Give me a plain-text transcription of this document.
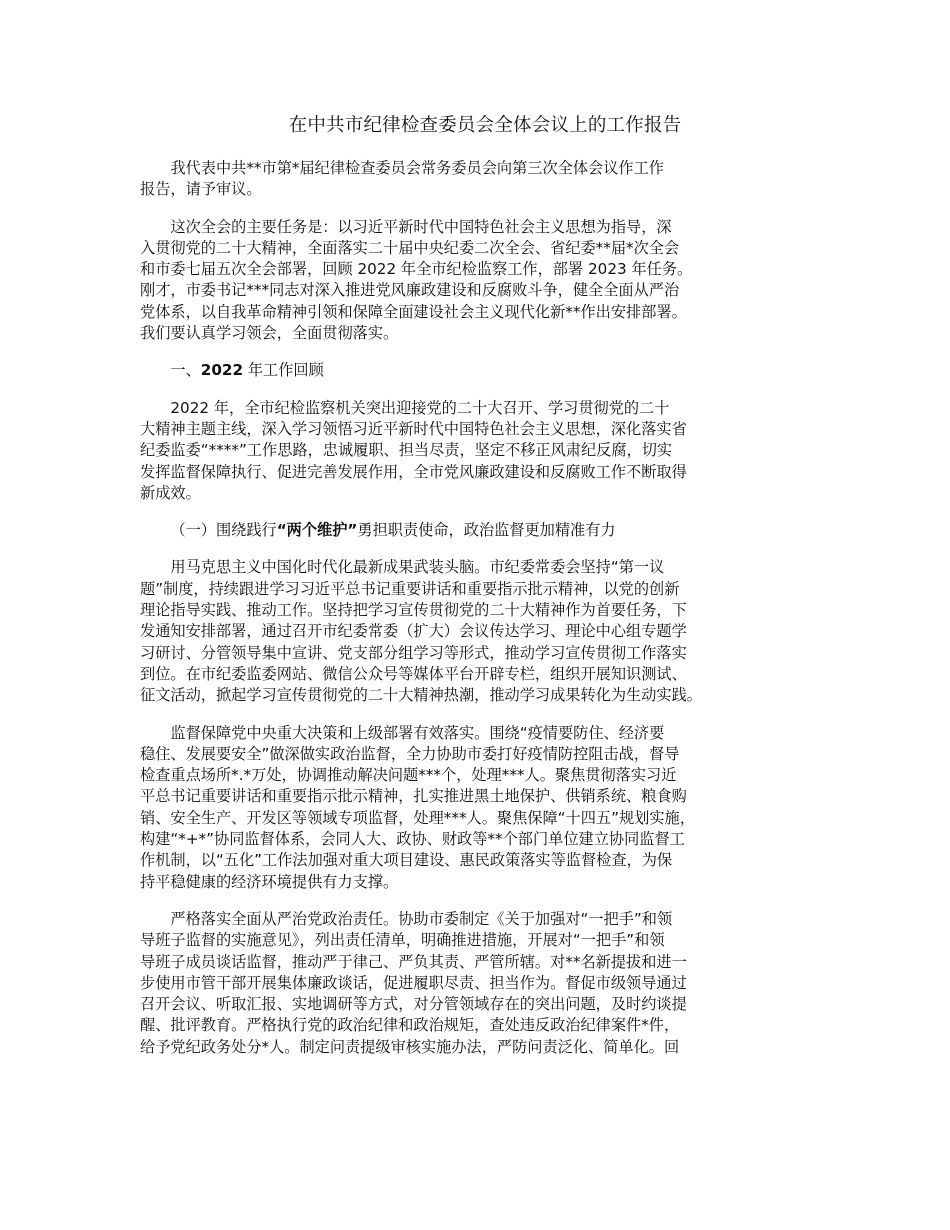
在中共市纪律检查委员会全体会议上的工作报告
我代表中共**市第*届纪律检查委员会常务委员会向第三次全体会议作工作
报告，请予审议。
这次全会的主要任务是：以习近平新时代中国特色社会主义思想为指导，深
入贯彻党的二十大精神，全面落实二十届中央纪委二次全会、省纪委**届*次全会
和市委七届五次全会部署，回顾 2022 年全市纪检监察工作，部署 2023 年任务。
刚才，市委书记***同志对深入推进党风廉政建设和反腐败斗争，健全全面从严治
党体系，以自我革命精神引领和保障全面建设社会主义现代化新**作出安排部署。
我们要认真学习领会，全面贯彻落实。
一、2022 年工作回顾
2022 年，全市纪检监察机关突出迎接党的二十大召开、学习贯彻党的二十
大精神主题主线，深入学习领悟习近平新时代中国特色社会主义思想，深化落实省
纪委监委“****”工作思路，忠诚履职、担当尽责，坚定不移正风肃纪反腐，切实
发挥监督保障执行、促进完善发展作用，全市党风廉政建设和反腐败工作不断取得
新成效。
（一）围绕践行“两个维护”勇担职责使命，政治监督更加精准有力
用马克思主义中国化时代化最新成果武装头脑。市纪委常委会坚持“第一议
题”制度，持续跟进学习习近平总书记重要讲话和重要指示批示精神，以党的创新
理论指导实践、推动工作。坚持把学习宣传贯彻党的二十大精神作为首要任务，下
发通知安排部署，通过召开市纪委常委（扩大）会议传达学习、理论中心组专题学
习研讨、分管领导集中宣讲、党支部分组学习等形式，推动学习宣传贯彻工作落实
到位。在市纪委监委网站、微信公众号等媒体平台开辟专栏，组织开展知识测试、
征文活动，掀起学习宣传贯彻党的二十大精神热潮，推动学习成果转化为生动实践。
监督保障党中央重大决策和上级部署有效落实。围绕“疫情要防住、经济要
稳住、发展要安全”做深做实政治监督，全力协助市委打好疫情防控阻击战，督导
检查重点场所*.*万处，协调推动解决问题***个，处理***人。聚焦贯彻落实习近
平总书记重要讲话和重要指示批示精神，扎实推进黑土地保护、供销系统、粮食购
销、安全生产、开发区等领域专项监督，处理***人。聚焦保障“十四五”规划实施，
构建“*+*”协同监督体系，会同人大、政协、财政等**个部门单位建立协同监督工
作机制，以“五化”工作法加强对重大项目建设、惠民政策落实等监督检查，为保
持平稳健康的经济环境提供有力支撑。
严格落实全面从严治党政治责任。协助市委制定《关于加强对“一把手”和领
导班子监督的实施意见》，列出责任清单，明确推进措施，开展对“一把手”和领
导班子成员谈话监督，推动严于律己、严负其责、严管所辖。对**名新提拔和进一
步使用市管干部开展集体廉政谈话，促进履职尽责、担当作为。督促市级领导通过
召开会议、听取汇报、实地调研等方式，对分管领域存在的突出问题，及时约谈提
醒、批评教育。严格执行党的政治纪律和政治规矩，查处违反政治纪律案件*件，
给予党纪政务处分*人。制定问责提级审核实施办法，严防问责泛化、简单化。回
